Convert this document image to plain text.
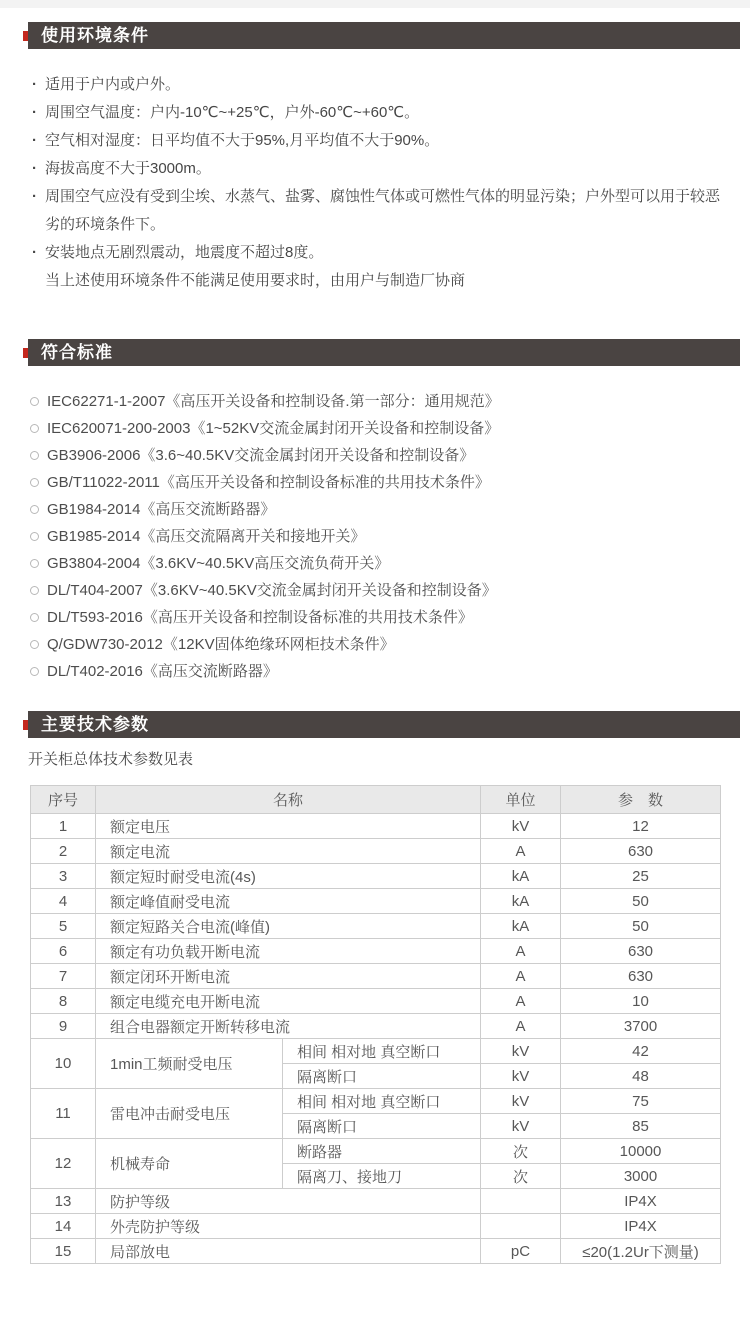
使用环境条件
· 适用于户内或户外。
· 周围空气温度：户内-10℃~+25℃，户外-60℃~+60℃。
· 空气相对湿度：日平均值不大于95%,月平均值不大于90%。
· 海拔高度不大于3000m。
· 周围空气应没有受到尘埃、水蒸气、盐雾、腐蚀性气体或可燃性气体的明显污染；户外型可以用于较恶劣的环境条件下。
· 安装地点无剧烈震动，地震度不超过8度。
当上述使用环境条件不能满足使用要求时，由用户与制造厂协商
符合标准
IEC62271-1-2007《高压开关设备和控制设备.第一部分：通用规范》
IEC620071-200-2003《1~52KV交流金属封闭开关设备和控制设备》
GB3906-2006《3.6~40.5KV交流金属封闭开关设备和控制设备》
GB/T11022-2011《高压开关设备和控制设备标准的共用技术条件》
GB1984-2014《高压交流断路器》
GB1985-2014《高压交流隔离开关和接地开关》
GB3804-2004《3.6KV~40.5KV高压交流负荷开关》
DL/T404-2007《3.6KV~40.5KV交流金属封闭开关设备和控制设备》
DL/T593-2016《高压开关设备和控制设备标准的共用技术条件》
Q/GDW730-2012《12KV固体绝缘环网柜技术条件》
DL/T402-2016《高压交流断路器》
主要技术参数
开关柜总体技术参数见表
序号	名称		单位	参　数
1	额定电压		kV	12
2	额定电流		A	630
3	额定短时耐受电流(4s)		kA	25
4	额定峰值耐受电流		kA	50
5	额定短路关合电流(峰值)		kA	50
6	额定有功负载开断电流		A	630
7	额定闭环开断电流		A	630
8	额定电缆充电开断电流		A	10
9	组合电器额定开断转移电流		A	3700
10	1min工频耐受电压	相间 相对地 真空断口	kV	42
		隔离断口	kV	48
11	雷电冲击耐受电压	相间 相对地 真空断口	kV	75
		隔离断口	kV	85
12	机械寿命	断路器	次	10000
		隔离刀、接地刀	次	3000
13	防护等级			IP4X
14	外壳防护等级			IP4X
15	局部放电		pC	≤20(1.2Ur下测量)
